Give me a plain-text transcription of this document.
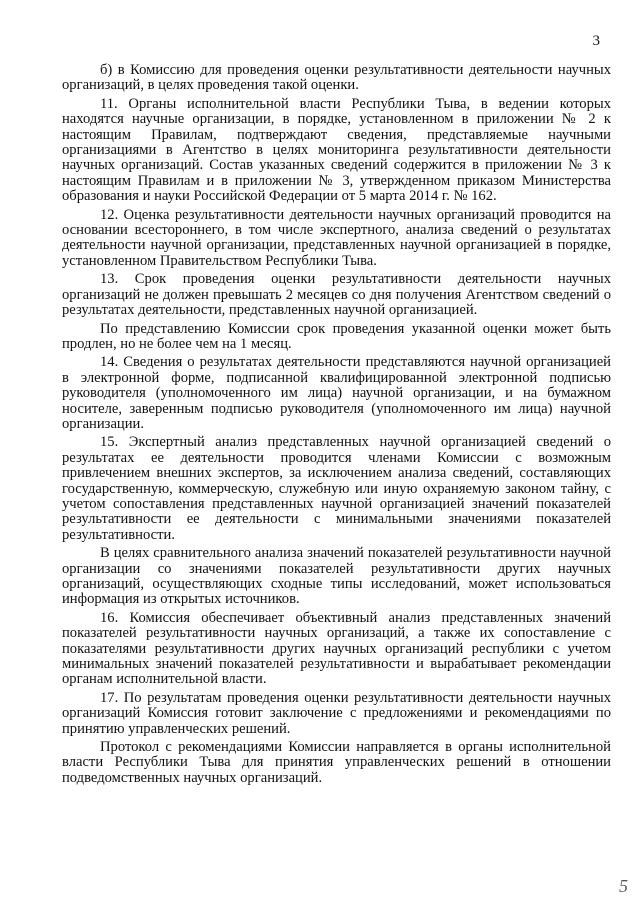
3

б) в Комиссию для проведения оценки результативности деятельности научных организаций, в целях проведения такой оценки.

11. Органы исполнительной власти Республики Тыва, в ведении которых находятся научные организации, в порядке, установленном в приложении № 2 к настоящим Правилам, подтверждают сведения, представляемые научными организациями в Агентство в целях мониторинга результативности деятельности научных организаций. Состав указанных сведений содержится в приложении № 3 к настоящим Правилам и в приложении № 3, утвержденном приказом Министерства образования и науки Российской Федерации от 5 марта 2014 г. № 162.

12. Оценка результативности деятельности научных организаций проводится на основании всестороннего, в том числе экспертного, анализа сведений о результатах деятельности научной организации, представленных научной организацией в порядке, установленном Правительством Республики Тыва.

13. Срок проведения оценки результативности деятельности научных организаций не должен превышать 2 месяцев со дня получения Агентством сведений о результатах деятельности, представленных научной организацией.

По представлению Комиссии срок проведения указанной оценки может быть продлен, но не более чем на 1 месяц.

14. Сведения о результатах деятельности представляются научной организацией в электронной форме, подписанной квалифицированной электронной подписью руководителя (уполномоченного им лица) научной организации, и на бумажном носителе, заверенным подписью руководителя (уполномоченного им лица) научной организации.

15. Экспертный анализ представленных научной организацией сведений о результатах ее деятельности проводится членами Комиссии с возможным привлечением внешних экспертов, за исключением анализа сведений, составляющих государственную, коммерческую, служебную или иную охраняемую законом тайну, с учетом сопоставления представленных научной организацией значений показателей результативности ее деятельности с минимальными значениями показателей результативности.

В целях сравнительного анализа значений показателей результативности научной организации со значениями показателей результативности других научных организаций, осуществляющих сходные типы исследований, может использоваться информация из открытых источников.

16. Комиссия обеспечивает объективный анализ представленных значений показателей результативности научных организаций, а также их сопоставление с показателями результативности других научных организаций республики с учетом минимальных значений показателей результативности и вырабатывает рекомендации органам исполнительной власти.

17. По результатам проведения оценки результативности деятельности научных организаций Комиссия готовит заключение с предложениями и рекомендациями по принятию управленческих решений.

Протокол с рекомендациями Комиссии направляется в органы исполнительной власти Республики Тыва для принятия управленческих решений в отношении подведомственных научных организаций.

5
